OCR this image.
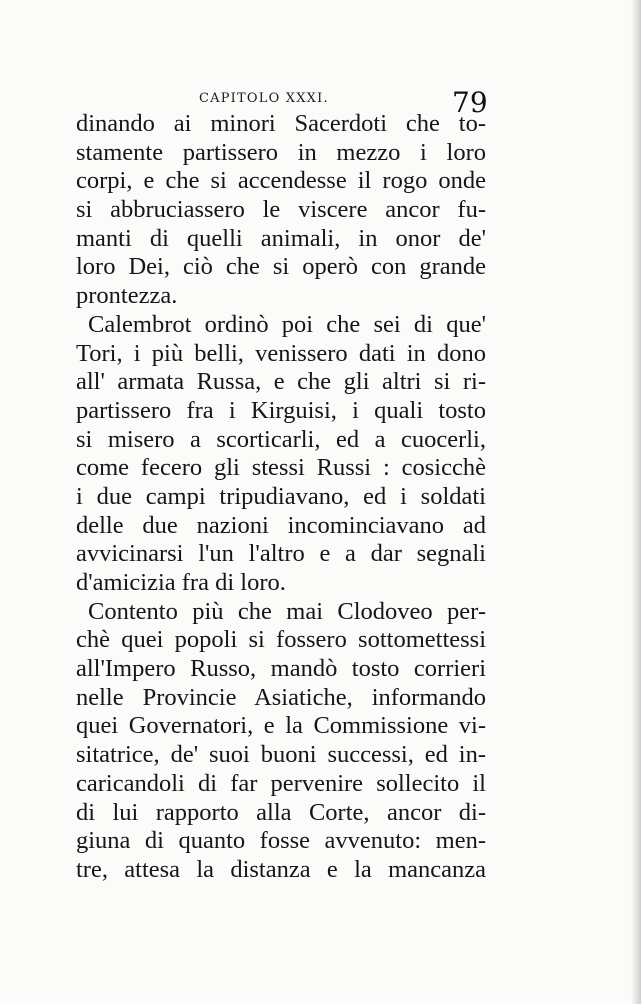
CAPITOLO XXXI.	79
dinando ai minori Sacerdoti che to-
stamente partissero in mezzo i loro
corpi, e che si accendesse il rogo onde
si abbruciassero le viscere ancor fu-
manti di quelli animali, in onor de'
loro Dei, ciò che si operò con grande
prontezza.
Calembrot ordinò poi che sei di que'
Tori, i più belli, venissero dati in dono
all' armata Russa, e che gli altri si ri-
partissero fra i Kirguisi, i quali tosto
si misero a scorticarli, ed a cuocerli,
come fecero gli stessi Russi : cosicchè
i due campi tripudiavano, ed i soldati
delle due nazioni incominciavano ad
avvicinarsi l'un l'altro e a dar segnali
d'amicizia fra di loro.
Contento più che mai Clodoveo per-
chè quei popoli si fossero sottomettessi
all'Impero Russo, mandò tosto corrieri
nelle Provincie Asiatiche, informando
quei Governatori, e la Commissione vi-
sitatrice, de' suoi buoni successi, ed in-
caricandoli di far pervenire sollecito il
di lui rapporto alla Corte, ancor di-
giuna di quanto fosse avvenuto: men-
tre, attesa la distanza e la mancanza
